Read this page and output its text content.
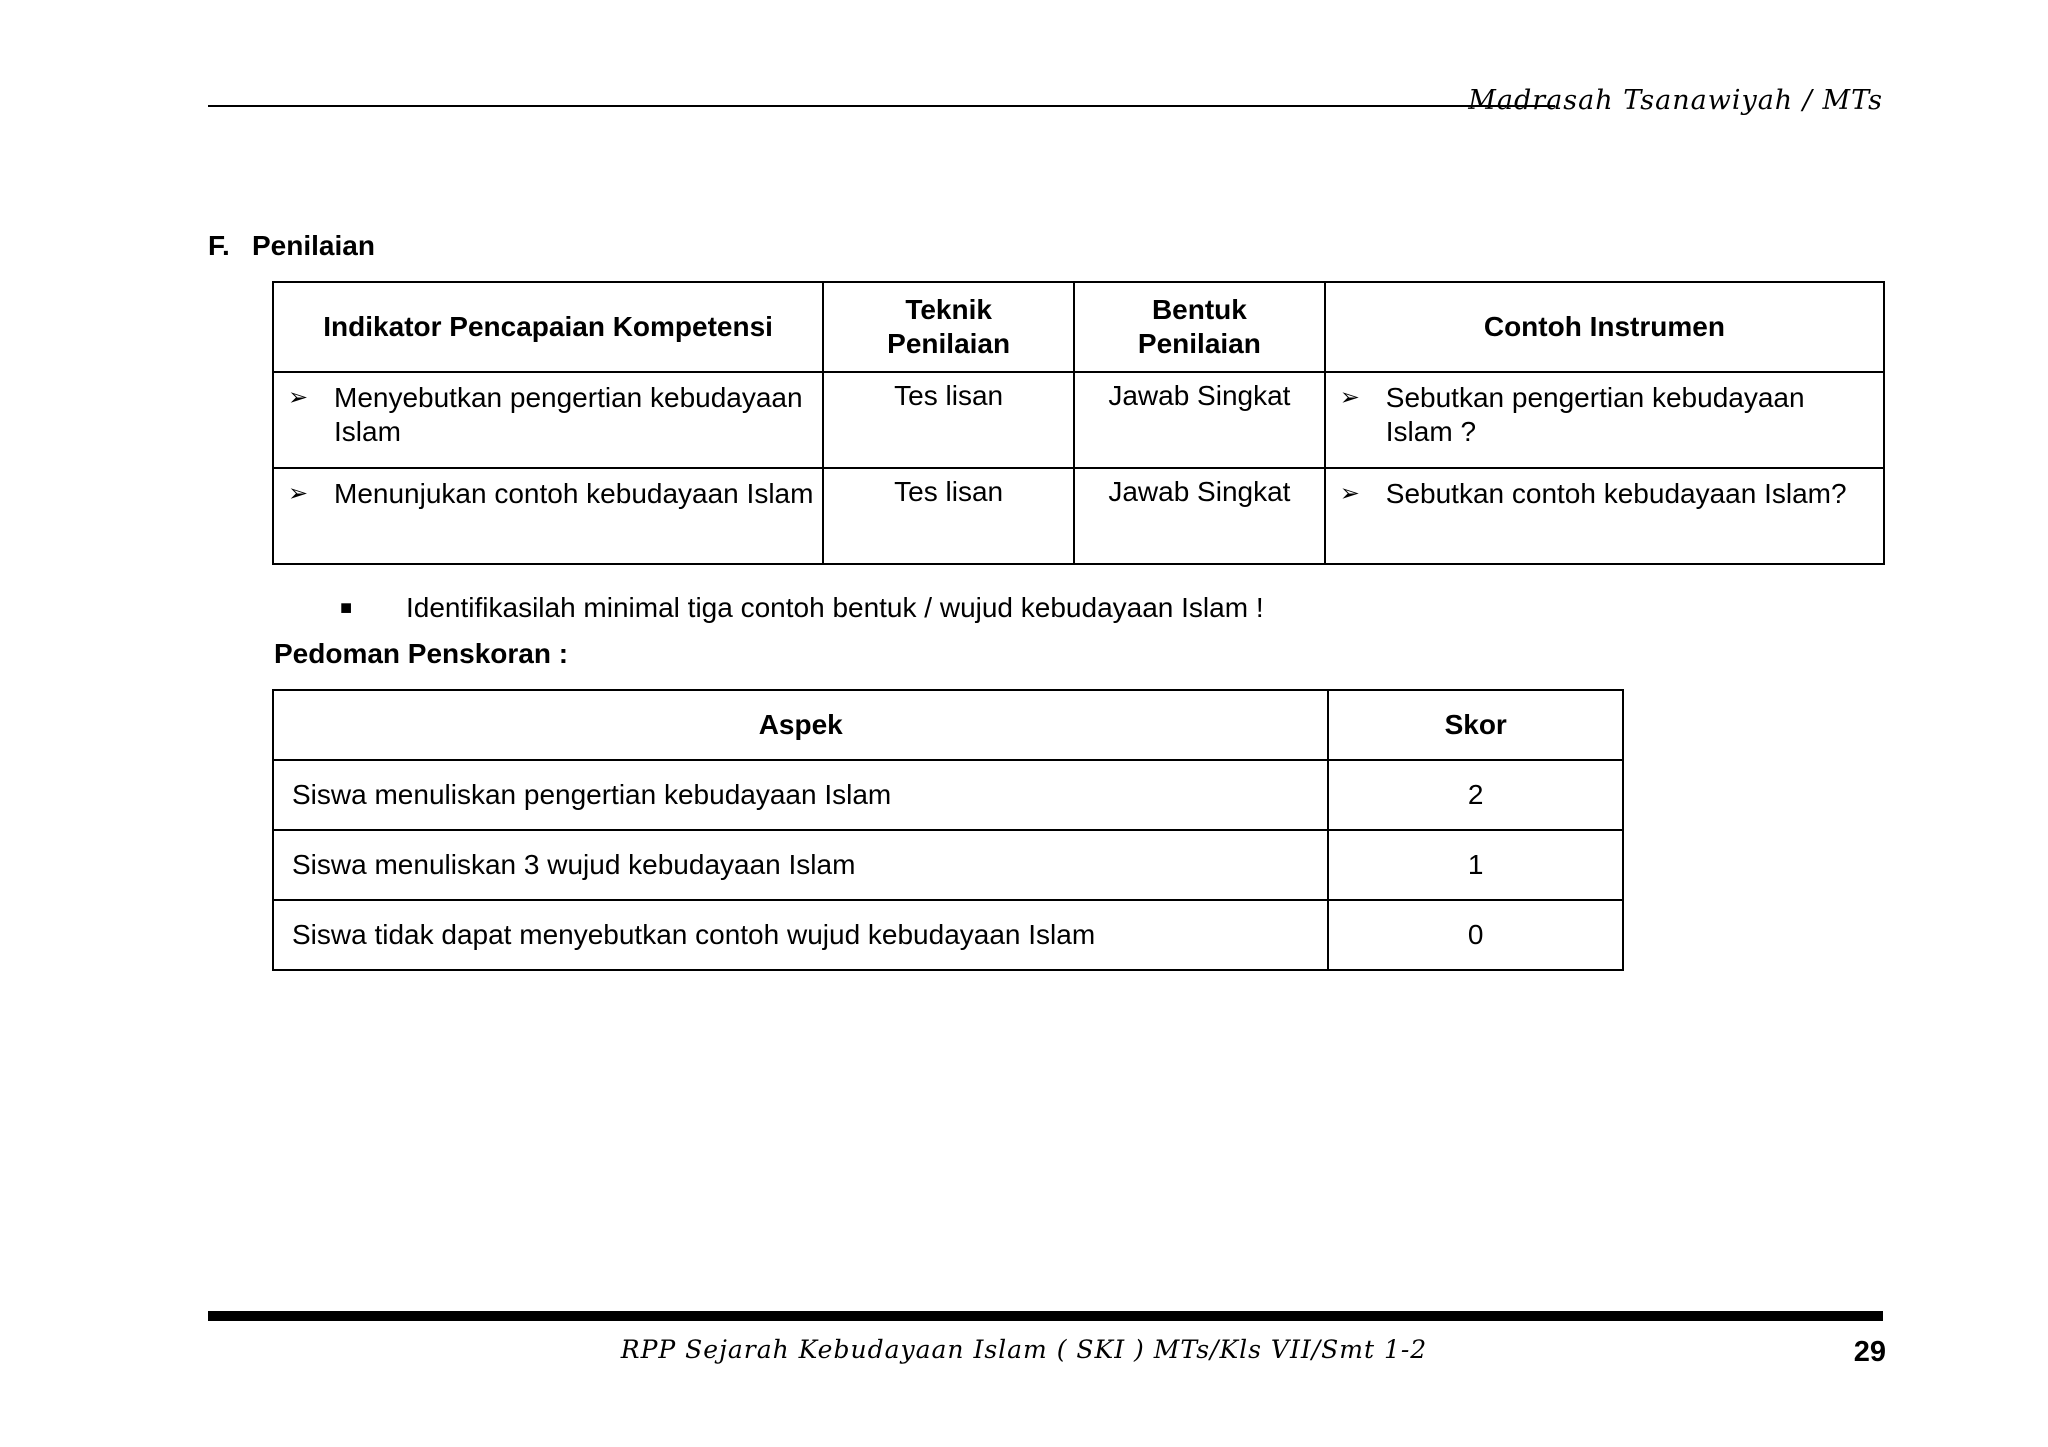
Madrasah Tsanawiyah / MTs
F. Penilaian
Indikator Pencapaian Kompetensi	Teknik Penilaian	Bentuk Penilaian	Contoh Instrumen

➢ Menyebutkan pengertian kebudayaan Islam	Tes lisan	Jawab Singkat	➢ Sebutkan pengertian kebudayaan Islam ?

➢ Menunjukan contoh kebudayaan Islam	Tes lisan	Jawab Singkat	➢ Sebutkan contoh kebudayaan Islam?
■	Identifikasilah minimal tiga contoh bentuk / wujud kebudayaan Islam !
Pedoman Penskoran :
Aspek	Skor
Siswa menuliskan pengertian kebudayaan Islam	2
Siswa menuliskan 3 wujud kebudayaan Islam	1
Siswa tidak dapat menyebutkan contoh wujud kebudayaan Islam	0
RPP Sejarah Kebudayaan Islam ( SKI ) MTs/Kls VII/Smt 1-2	29
